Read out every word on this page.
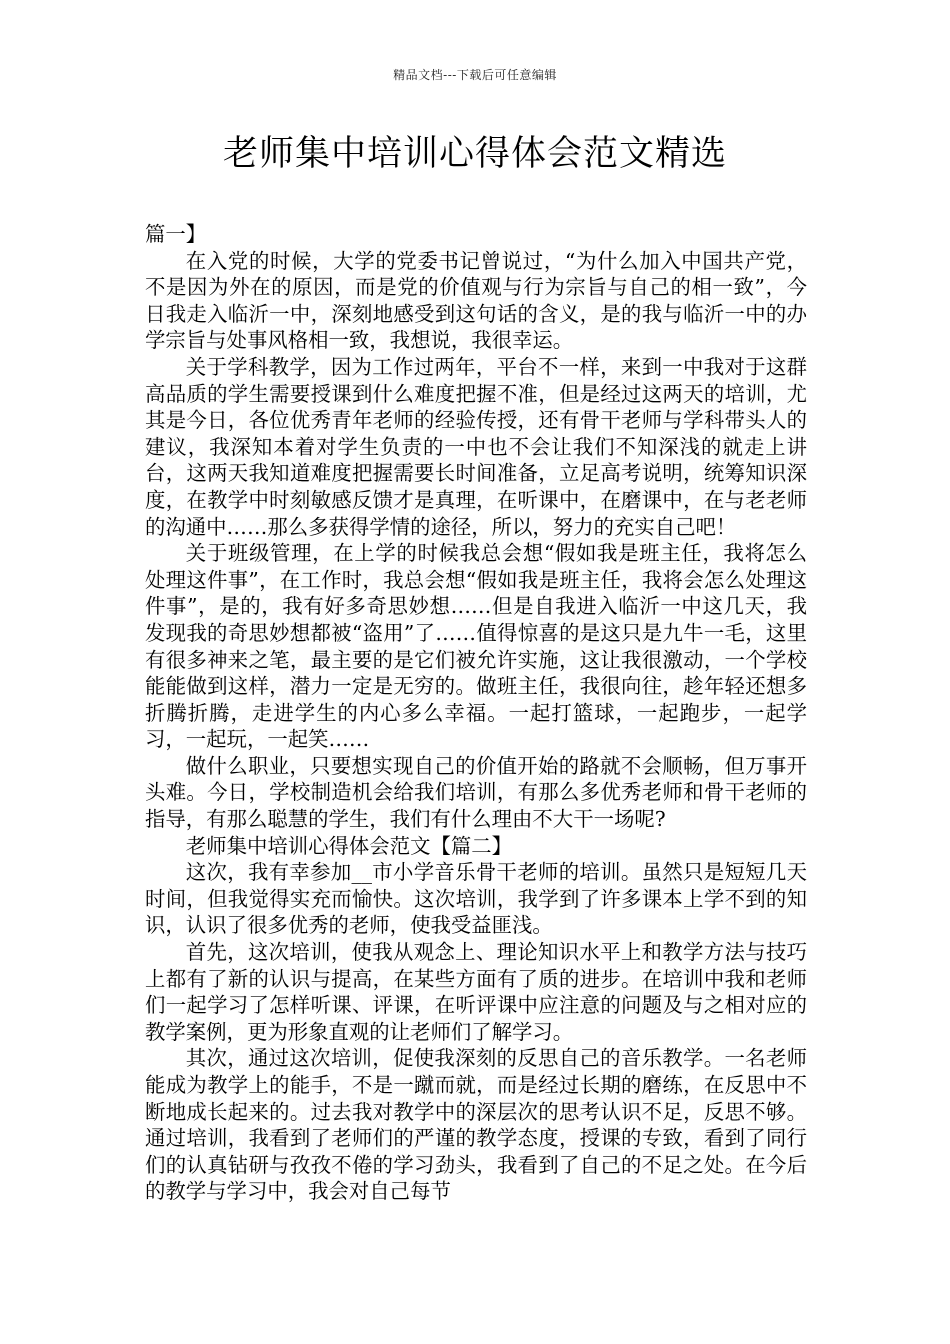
精品文档---下载后可任意编辑
老师集中培训心得体会范文精选

篇一】

在入党的时候，大学的党委书记曾说过，“为什么加入中国共产党，不是因为外在的原因，而是党的价值观与行为宗旨与自己的相一致”，今日我走入临沂一中，深刻地感受到这句话的含义，是的我与临沂一中的办学宗旨与处事风格相一致，我想说，我很幸运。

关于学科教学，因为工作过两年，平台不一样，来到一中我对于这群高品质的学生需要授课到什么难度把握不准，但是经过这两天的培训，尤其是今日，各位优秀青年老师的经验传授，还有骨干老师与学科带头人的建议，我深知本着对学生负责的一中也不会让我们不知深浅的就走上讲台，这两天我知道难度把握需要长时间准备，立足高考说明，统筹知识深度，在教学中时刻敏感反馈才是真理，在听课中，在磨课中，在与老老师的沟通中……那么多获得学情的途径，所以，努力的充实自己吧！

关于班级管理，在上学的时候我总会想“假如我是班主任，我将怎么处理这件事”，在工作时，我总会想“假如我是班主任，我将会怎么处理这件事”，是的，我有好多奇思妙想……但是自我进入临沂一中这几天，我发现我的奇思妙想都被“盗用”了……值得惊喜的是这只是九牛一毛，这里有很多神来之笔，最主要的是它们被允许实施，这让我很激动，一个学校能能做到这样，潜力一定是无穷的。做班主任，我很向往，趁年轻还想多折腾折腾，走进学生的内心多么幸福。一起打篮球，一起跑步，一起学习，一起玩，一起笑……

做什么职业，只要想实现自己的价值开始的路就不会顺畅，但万事开头难。今日，学校制造机会给我们培训，有那么多优秀老师和骨干老师的指导，有那么聪慧的学生，我们有什么理由不大干一场呢?

老师集中培训心得体会范文【篇二】

这次，我有幸参加__市小学音乐骨干老师的培训。虽然只是短短几天时间，但我觉得实充而愉快。这次培训，我学到了许多课本上学不到的知识，认识了很多优秀的老师，使我受益匪浅。

首先，这次培训，使我从观念上、理论知识水平上和教学方法与技巧上都有了新的认识与提高，在某些方面有了质的进步。在培训中我和老师们一起学习了怎样听课、评课，在听评课中应注意的问题及与之相对应的教学案例，更为形象直观的让老师们了解学习。

其次，通过这次培训，促使我深刻的反思自己的音乐教学。一名老师能成为教学上的能手，不是一蹴而就，而是经过长期的磨练，在反思中不断地成长起来的。过去我对教学中的深层次的思考认识不足，反思不够。通过培训，我看到了老师们的严谨的教学态度，授课的专致，看到了同行们的认真钻研与孜孜不倦的学习劲头，我看到了自己的不足之处。在今后的教学与学习中，我会对自己每节
